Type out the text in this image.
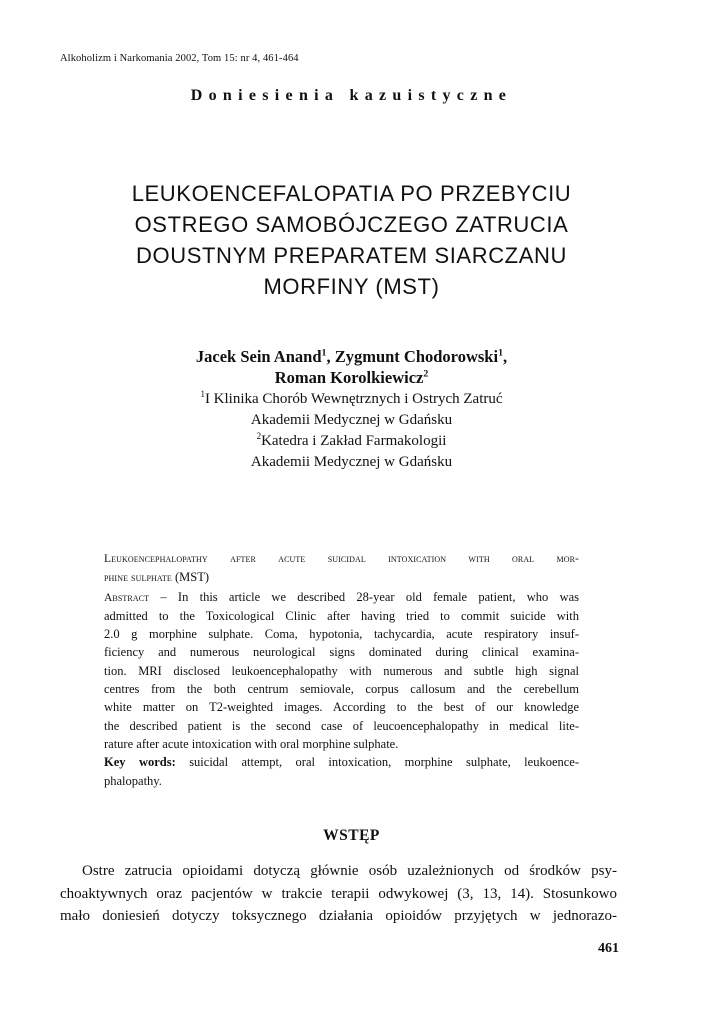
Alkoholizm i Narkomania 2002, Tom 15: nr 4, 461-464
Doniesienia kazuistyczne
LEUKOENCEFALOPATIA PO PRZEBYCIU
OSTREGO SAMOBÓJCZEGO ZATRUCIA
DOUSTNYM PREPARATEM SIARCZANU
MORFINY (MST)
Jacek Sein Anand$^1$, Zygmunt Chodorowski$^1$,
Roman Korolkiewicz$^2$
$^1$I Klinika Chorób Wewnętrznych i Ostrych Zatruć
Akademii Medycznej w Gdańsku
$^2$Katedra i Zakład Farmakologii
Akademii Medycznej w Gdańsku
Leukoencephalopathy after acute suicidal intoxication with oral mor-
phine sulphate (MST)
Abstract – In this article we described 28-year old female patient, who was
admitted to the Toxicological Clinic after having tried to commit suicide with
2.0 g morphine sulphate. Coma, hypotonia, tachycardia, acute respiratory insuf-
ficiency and numerous neurological signs dominated during clinical examina-
tion. MRI disclosed leukoencephalopathy with numerous and subtle high signal
centres from the both centrum semiovale, corpus callosum and the cerebellum
white matter on T2-weighted images. According to the best of our knowledge
the described patient is the second case of leucoencephalopathy in medical lite-
rature after acute intoxication with oral morphine sulphate.
Key words: suicidal attempt, oral intoxication, morphine sulphate, leukoence-
phalopathy.
WSTĘP
Ostre zatrucia opioidami dotyczą głównie osób uzależnionych od środków psy-
choaktywnych oraz pacjentów w trakcie terapii odwykowej (3, 13, 14). Stosunkowo
mało doniesień dotyczy toksycznego działania opioidów przyjętych w jednorazo-
461
